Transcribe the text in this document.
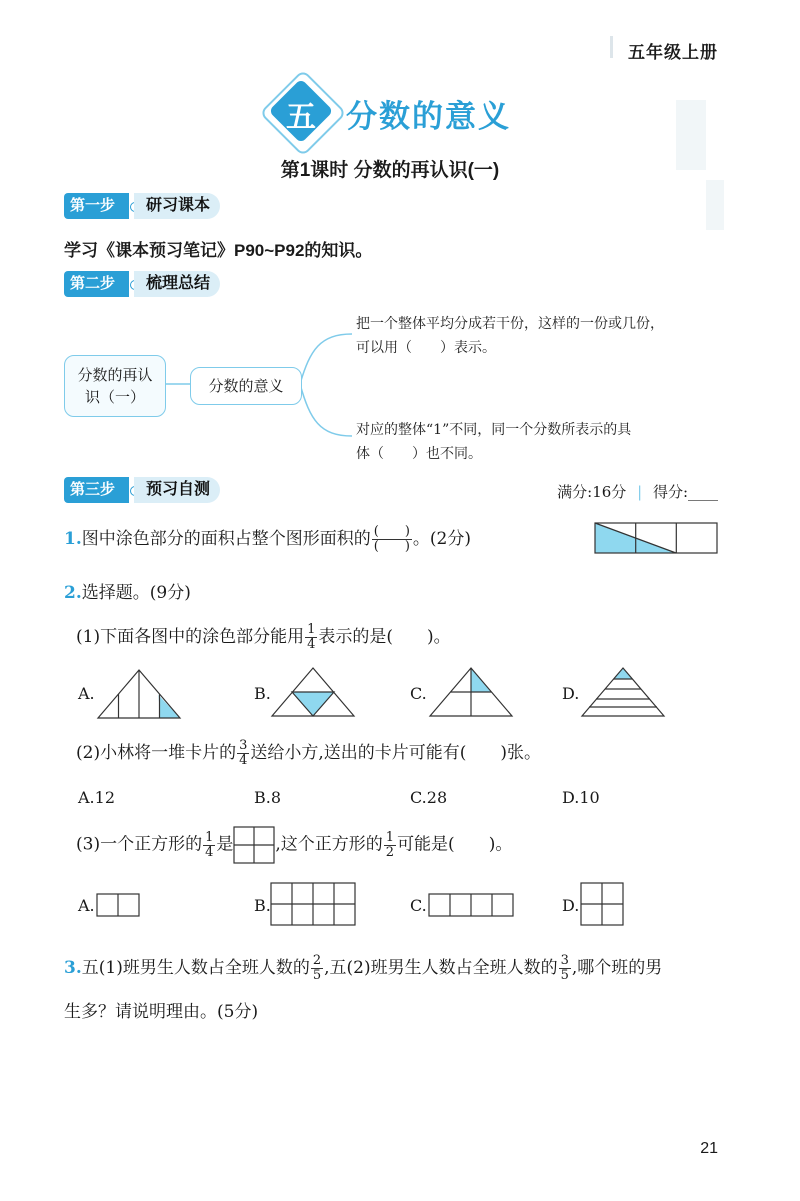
五年级上册
五 分数的意义
第1课时 分数的再认识(一)
第一步	研习课本
学习《课本预习笔记》P90~P92的知识。
第二步	梳理总结
分数的再认
识（一）
分数的意义
把一个整体平均分成若干份，这样的一份或几份，
可以用（　　）表示。
对应的整体“1”不同，同一个分数所表示的具
体（　　）也不同。
第三步	预习自测	满分:16分 | 得分:____
1.图中涂色部分的面积占整个图形面积的 $\frac{( )}{( )}$ 。(2分)
2.选择题。(9分)
(1)下面各图中的涂色部分能用 $\frac{1}{4}$ 表示的是(　　)。
A.	B.	C.	D.
(2)小林将一堆卡片的 $\frac{3}{4}$ 送给小方,送出的卡片可能有(　　)张。
A.12	B.8	C.28	D.10
(3)一个正方形的 $\frac{1}{4}$ 是 ,这个正方形的 $\frac{1}{2}$ 可能是(　　)。
A.	B.	C.	D.
3.五(1)班男生人数占全班人数的 $\frac{2}{5}$ ,五(2)班男生人数占全班人数的 $\frac{3}{5}$ ,哪个班的男
生多？请说明理由。(5分)
21
